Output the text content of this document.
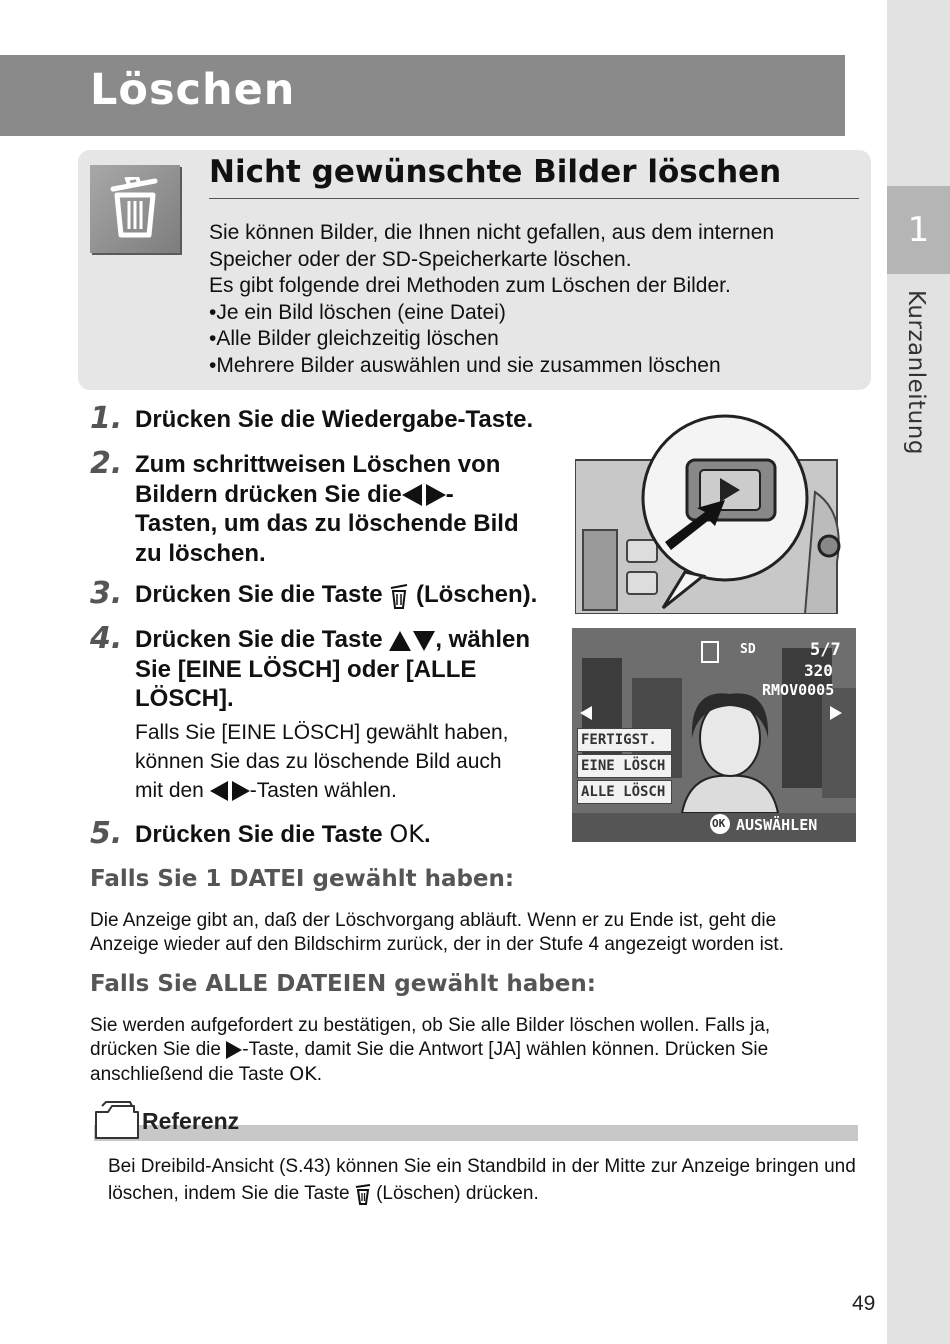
1
Kurzanleitung
Löschen
Nicht gewünschte Bilder löschen
Sie können Bilder, die Ihnen nicht gefallen, aus dem internen
Speicher oder der SD-Speicherkarte löschen.
Es gibt folgende drei Methoden zum Löschen der Bilder.
•Je ein Bild löschen (eine Datei)
•Alle Bilder gleichzeitig löschen
•Mehrere Bilder auswählen und sie zusammen löschen
1. Drücken Sie die Wiedergabe-Taste.
2. Zum schrittweisen Löschen von
Bildern drücken Sie die -
Tasten, um das zu löschende Bild
zu löschen.
3. Drücken Sie die Taste  (Löschen).
4. Drücken Sie die Taste , wählen
Sie [EINE LÖSCH] oder [ALLE
LÖSCH].
Falls Sie [EINE LÖSCH] gewählt haben,
können Sie das zu löschende Bild auch
mit den -Tasten wählen.
5. Drücken Sie die Taste OK.
SD	5/7
320
RMOV0005
FERTIGST.
EINE LÖSCH
ALLE LÖSCH
OK AUSWÄHLEN
Falls Sie 1 DATEI gewählt haben:
Die Anzeige gibt an, daß der Löschvorgang abläuft. Wenn er zu Ende ist, geht die
Anzeige wieder auf den Bildschirm zurück, der in der Stufe 4 angezeigt worden ist.
Falls Sie ALLE DATEIEN gewählt haben:
Sie werden aufgefordert zu bestätigen, ob Sie alle Bilder löschen wollen. Falls ja,
drücken Sie die -Taste, damit Sie die Antwort [JA] wählen können. Drücken Sie
anschließend die Taste OK.
Referenz
Bei Dreibild-Ansicht (S.43) können Sie ein Standbild in der Mitte zur Anzeige bringen und
löschen, indem Sie die Taste  (Löschen) drücken.
49
